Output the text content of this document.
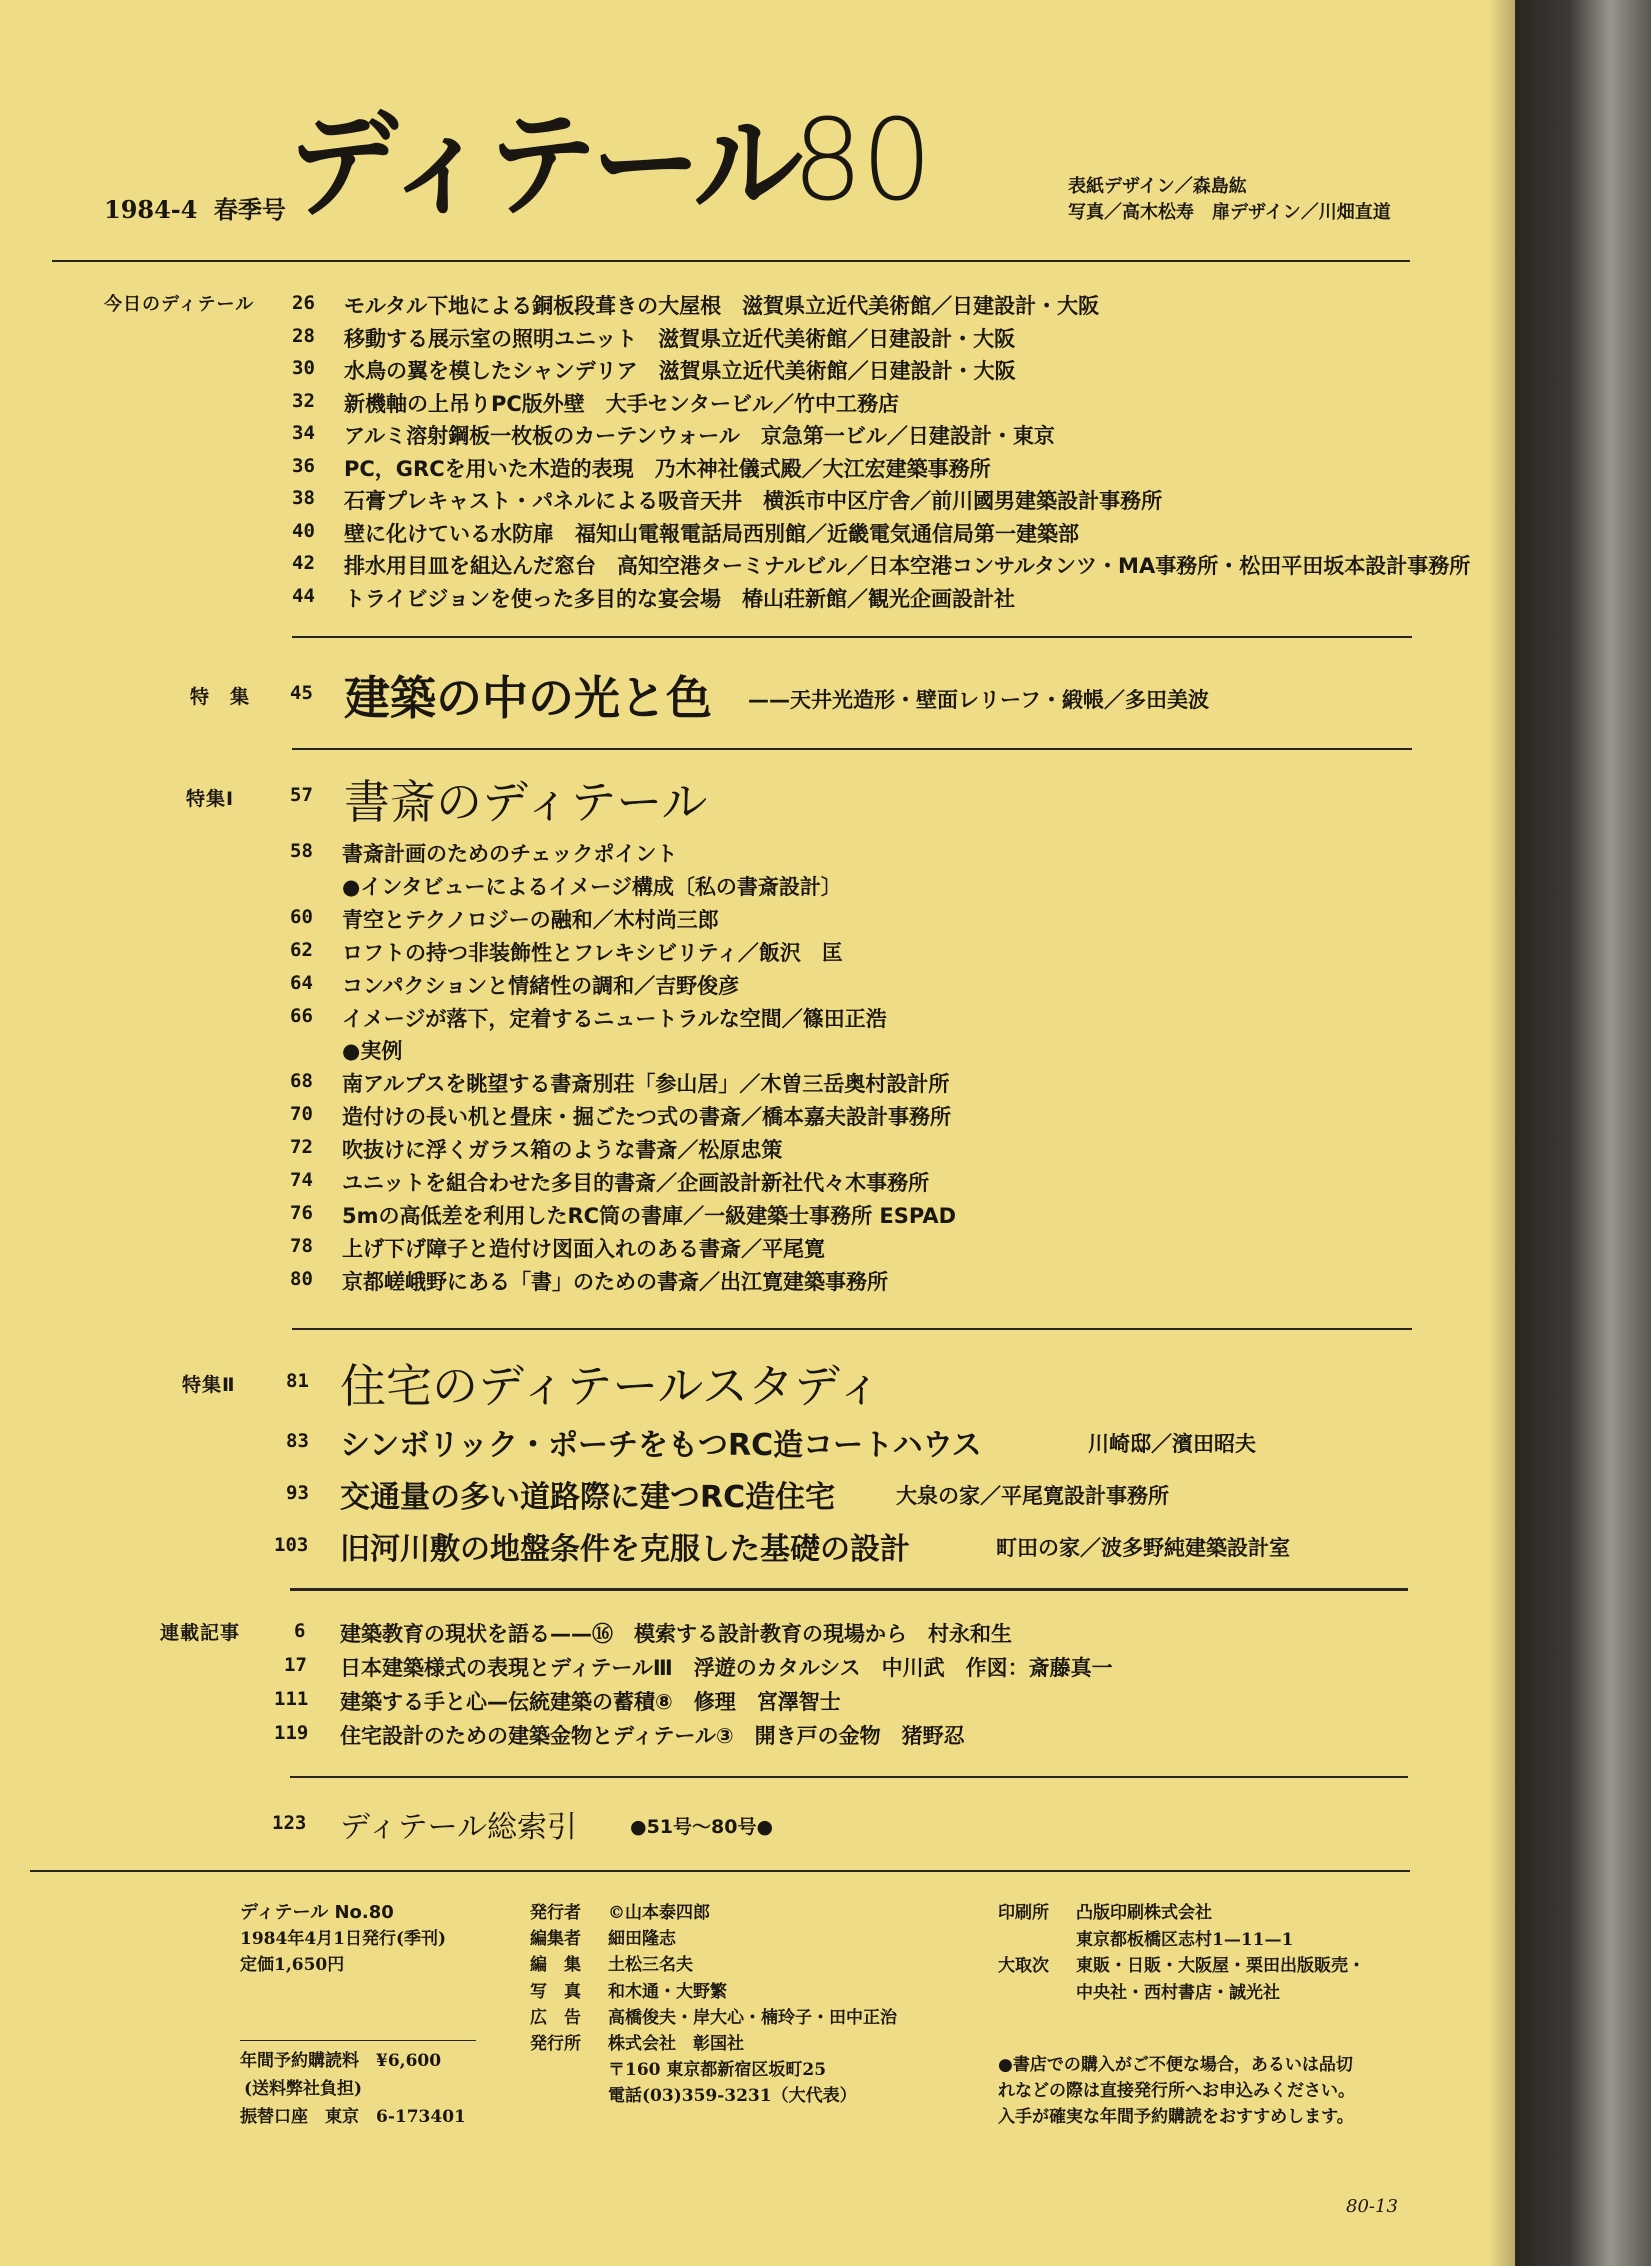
1984-4 春季号 ディテール
80	表紙デザイン／森島紘
写真／高木松寿　扉デザイン／川畑直道
今日のディテール 26 モルタル下地による銅板段葺きの大屋根　滋賀県立近代美術館／日建設計・大阪
28 移動する展示室の照明ユニット　滋賀県立近代美術館／日建設計・大阪
30 水鳥の翼を模したシャンデリア　滋賀県立近代美術館／日建設計・大阪
32 新機軸の上吊りPC版外壁　大手センタービル／竹中工務店
34 アルミ溶射鋼板一枚板のカーテンウォール　京急第一ビル／日建設計・東京
36 PC，GRCを用いた木造的表現　乃木神社儀式殿／大江宏建築事務所
38 石膏プレキャスト・パネルによる吸音天井　横浜市中区庁舎／前川國男建築設計事務所
40 壁に化けている水防扉　福知山電報電話局西別館／近畿電気通信局第一建築部
42 排水用目皿を組込んだ窓台　高知空港ターミナルビル／日本空港コンサルタンツ・MA事務所・松田平田坂本設計事務所
44 トライビジョンを使った多目的な宴会場　椿山荘新館／観光企画設計社
特　集 45 建築の中の光と色 ——天井光造形・壁面レリーフ・緞帳／多田美波
特集Ⅰ	57 書斎のディテール
58 書斎計画のためのチェックポイント
●インタビューによるイメージ構成〔私の書斎設計〕
60 青空とテクノロジーの融和／木村尚三郎
62 ロフトの持つ非装飾性とフレキシビリティ／飯沢　匡
64 コンパクションと情緒性の調和／吉野俊彦
66 イメージが落下，定着するニュートラルな空間／篠田正浩
●実例
68 南アルプスを眺望する書斎別荘「参山居」／木曽三岳奥村設計所
70 造付けの長い机と畳床・掘ごたつ式の書斎／橋本嘉夫設計事務所
72 吹抜けに浮くガラス箱のような書斎／松原忠策
74 ユニットを組合わせた多目的書斎／企画設計新社代々木事務所
76 5mの高低差を利用したRC筒の書庫／一級建築士事務所 ESPAD
78 上げ下げ障子と造付け図面入れのある書斎／平尾寛
80 京都嵯峨野にある「書」のための書斎／出江寛建築事務所
特集Ⅱ	81 住宅のディテールスタディ
83 シンボリック・ポーチをもつRC造コートハウス	川崎邸／濱田昭夫
93 交通量の多い道路際に建つRC造住宅	大泉の家／平尾寛設計事務所
103 旧河川敷の地盤条件を克服した基礎の設計	町田の家／波多野純建築設計室
連載記事	6 建築教育の現状を語る——⑯　模索する設計教育の現場から　村永和生
17 日本建築様式の表現とディテールⅢ　浮遊のカタルシス　中川武　作図：斎藤真一
111 建築する手と心—伝統建築の蓄積⑧　修理　宮澤智士
119 住宅設計のための建築金物とディテール③　開き戸の金物　猪野忍
123 ディテール総索引	●51号～80号●
ディテール No.80
1984年4月1日発行(季刊)
定価1,650円
年間予約購読料　¥6,600
(送料弊社負担)
振替口座　東京　6-173401
発行者 ©山本泰四郎
編集者 細田隆志
編　集 土松三名夫
写　真 和木通・大野繁
広　告 高橋俊夫・岸大心・楠玲子・田中正治
発行所 株式会社　彰国社
〒160 東京都新宿区坂町25
電話(03)359-3231（大代表）
印刷所 凸版印刷株式会社
東京都板橋区志村1—11—1
大取次 東販・日販・大阪屋・栗田出版販売・
中央社・西村書店・誠光社
●書店での購入がご不便な場合，あるいは品切
れなどの際は直接発行所へお申込みください。
入手が確実な年間予約購読をおすすめします。
80-13
